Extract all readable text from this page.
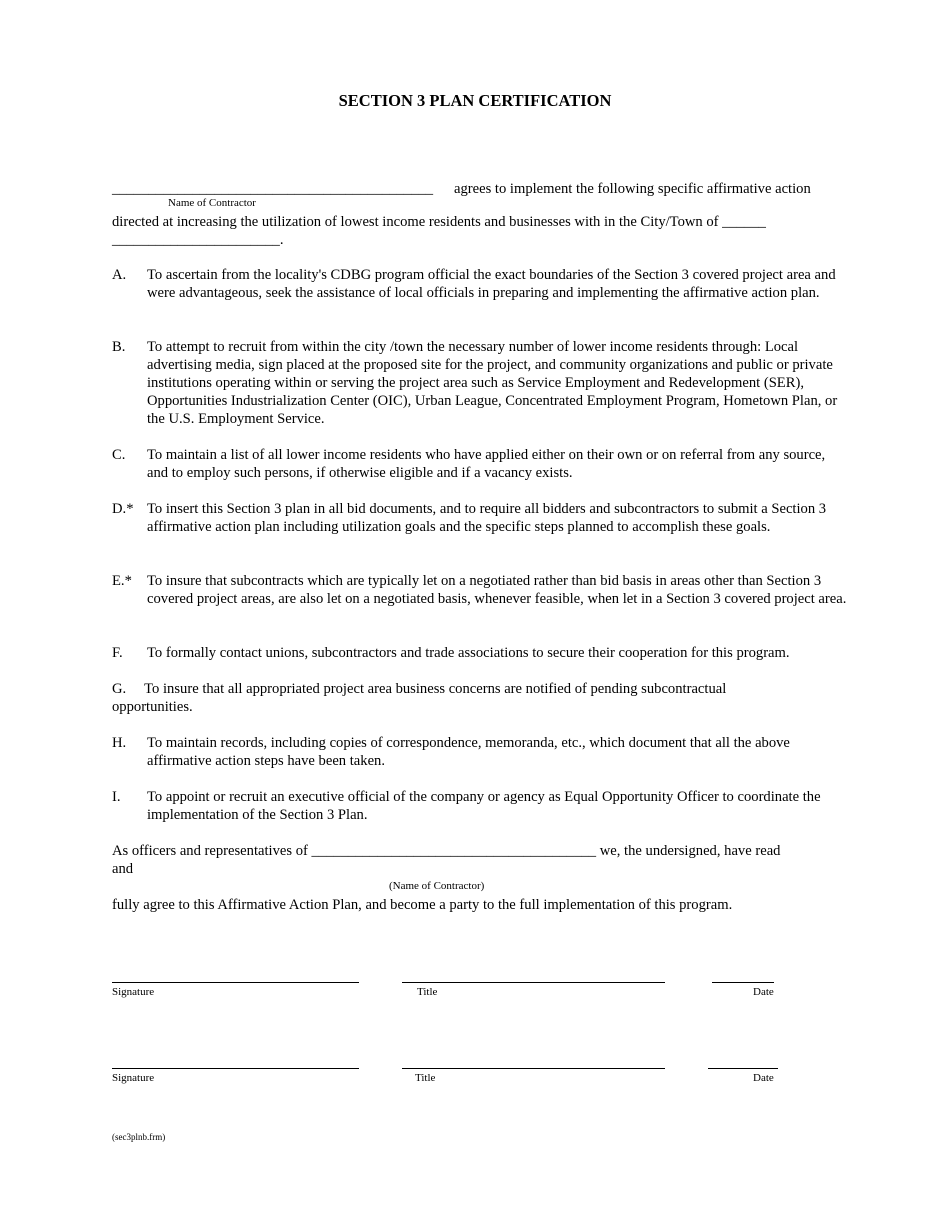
SECTION 3 PLAN CERTIFICATION
____________________________________________ agrees to implement the following specific affirmative action
Name of Contractor
directed at increasing the utilization of lowest income residents and businesses with in the City/Town of ______
_______________________.
A. To ascertain from the locality's CDBG program official the exact boundaries of the Section 3 covered project area and were advantageous, seek the assistance of local officials in preparing and implementing the affirmative action plan.
B. To attempt to recruit from within the city /town the necessary number of lower income residents through: Local advertising media, sign placed at the proposed site for the project, and community organizations and public or private institutions operating within or serving the project area such as Service Employment and Redevelopment (SER), Opportunities Industrialization Center (OIC), Urban League, Concentrated Employment Program, Hometown Plan, or the U.S. Employment Service.
C. To maintain a list of all lower income residents who have applied either on their own or on referral from any source, and to employ such persons, if otherwise eligible and if a vacancy exists.
D.* To insert this Section 3 plan in all bid documents, and to require all bidders and subcontractors to submit a Section 3 affirmative action plan including utilization goals and the specific steps planned to accomplish these goals.
E.* To insure that subcontracts which are typically let on a negotiated rather than bid basis in areas other than Section 3 covered project areas, are also let on a negotiated basis, whenever feasible, when let in a Section 3 covered project area.
F. To formally contact unions, subcontractors and trade associations to secure their cooperation for this program.
G.     To insure that all appropriated project area business concerns are notified of pending subcontractual
opportunities.
H. To maintain records, including copies of correspondence, memoranda, etc., which document that all the above affirmative action steps have been taken.
I. To appoint or recruit an executive official of the company or agency as Equal Opportunity Officer to coordinate the implementation of the Section 3 Plan.
As officers and representatives of _______________________________________ we, the undersigned, have read
and
(Name of Contractor)
fully agree to this Affirmative Action Plan, and become a party to the full implementation of this program.
Signature	Title	Date
Signature	Title	Date
(sec3plnb.frm)
